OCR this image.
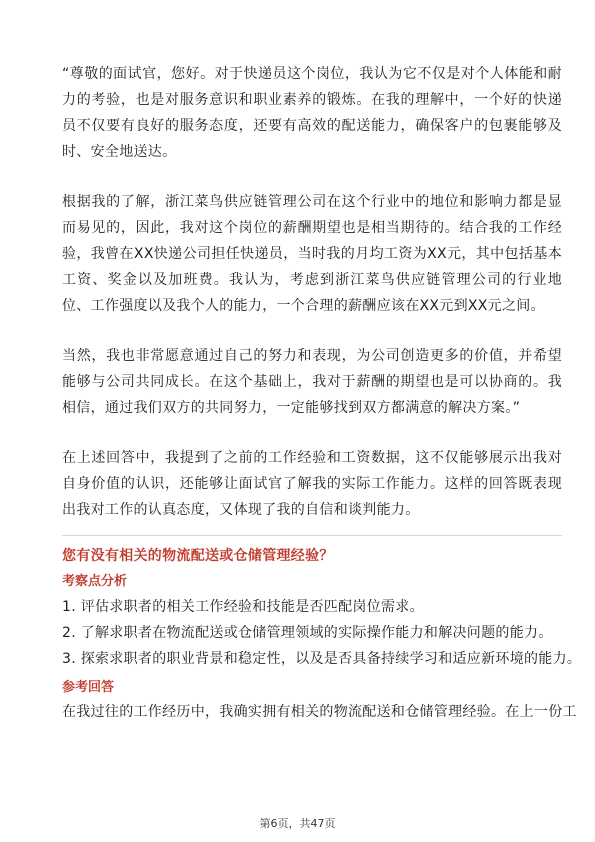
“尊敬的面试官，您好。对于快递员这个岗位，我认为它不仅是对个人体能和耐力的考验，也是对服务意识和职业素养的锻炼。在我的理解中，一个好的快递员不仅要有良好的服务态度，还要有高效的配送能力，确保客户的包裹能够及时、安全地送达。

根据我的了解，浙江菜鸟供应链管理公司在这个行业中的地位和影响力都是显而易见的，因此，我对这个岗位的薪酬期望也是相当期待的。结合我的工作经验，我曾在XX快递公司担任快递员，当时我的月均工资为XX元，其中包括基本工资、奖金以及加班费。我认为，考虑到浙江菜鸟供应链管理公司的行业地位、工作强度以及我个人的能力，一个合理的薪酬应该在XX元到XX元之间。

当然，我也非常愿意通过自己的努力和表现，为公司创造更多的价值，并希望能够与公司共同成长。在这个基础上，我对于薪酬的期望也是可以协商的。我相信，通过我们双方的共同努力，一定能够找到双方都满意的解决方案。”

在上述回答中，我提到了之前的工作经验和工资数据，这不仅能够展示出我对自身价值的认识，还能够让面试官了解我的实际工作能力。这样的回答既表现出我对工作的认真态度，又体现了我的自信和谈判能力。

您有没有相关的物流配送或仓储管理经验？

考察点分析

1. 评估求职者的相关工作经验和技能是否匹配岗位需求。

2. 了解求职者在物流配送或仓储管理领域的实际操作能力和解决问题的能力。

3. 探索求职者的职业背景和稳定性，以及是否具备持续学习和适应新环境的能力。

参考回答

在我过往的工作经历中，我确实拥有相关的物流配送和仓储管理经验。在上一份工

第6页，共47页
